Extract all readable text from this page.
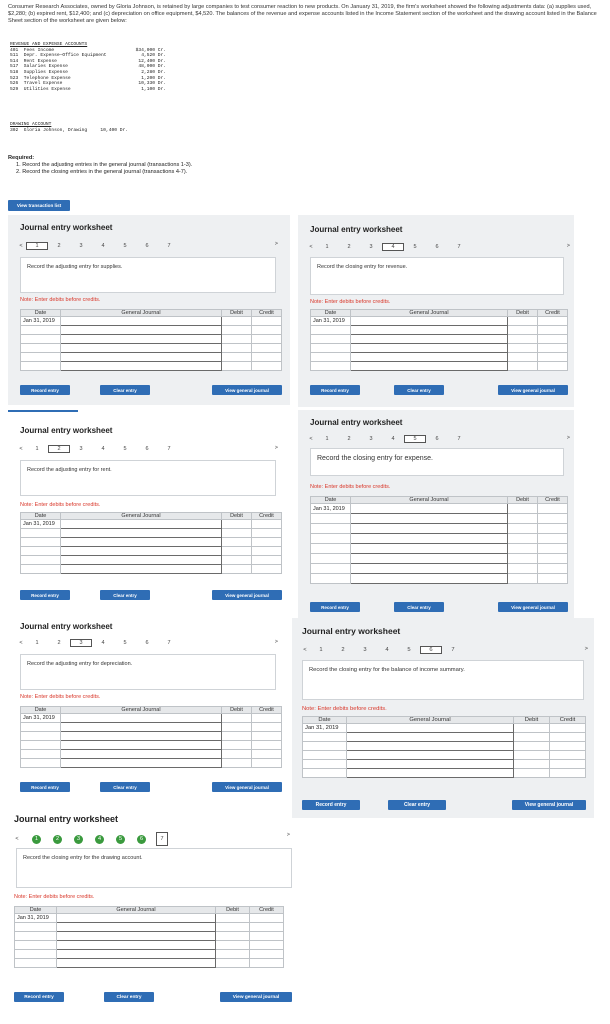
Consumer Research Associates, owned by Gloria Johnson, is retained by large companies to test consumer reaction to new products. On January 31, 2019, the firm's worksheet showed the following adjustments data: (a) supplies used, $2,280; (b) expired rent, $12,400; and (c) depreciation on office equipment, $4,520. The balances of the revenue and expense accounts listed in the Income Statement section of the worksheet and the drawing account listed in the Balance Sheet section of the worksheet are given below:
REVENUE AND EXPENSE ACCOUNTS
401  Fees Income	$34,000 Cr.
511  Depr. Expense—Office Equipment	4,520 Dr.
514  Rent Expense	12,400 Dr.
517  Salaries Expense	48,000 Dr.
518  Supplies Expense	2,280 Dr.
523  Telephone Expense	1,200 Dr.
526  Travel Expense	10,330 Dr.
529  Utilities Expense	1,100 Dr.
DRAWING ACCOUNT
302  Gloria Johnson, Drawing	10,400 Dr.
Required:
1. Record the adjusting entries in the general journal (transactions 1-3).
2. Record the closing entries in the general journal (transactions 4-7).
View transaction list
Journal entry worksheet
<	1	2	3	4	5	6	7	>
Record the adjusting entry for supplies.
Note: Enter debits before credits.
Date	General Journal	Debit	Credit
Jan 31, 2019			

Record entry	Clear entry	View general journal
Journal entry worksheet
<	1	2	3	4	5	6	7	>
Record the adjusting entry for rent.
Note: Enter debits before credits.
Date	General Journal	Debit	Credit
Jan 31, 2019			

Record entry	Clear entry	View general journal
Journal entry worksheet
<	1	2	3	4	5	6	7	>
Record the adjusting entry for depreciation.
Note: Enter debits before credits.
Date	General Journal	Debit	Credit
Jan 31, 2019			

Record entry	Clear entry	View general journal
Journal entry worksheet
<	1	2	3	4	5	6	7
>
Record the closing entry for the drawing account.
Note: Enter debits before credits.
Date	General Journal	Debit	Credit
Jan 31, 2019			

Record entry	Clear entry	View general journal
Journal entry worksheet
<	1	2	3	4	5	6	7	>
Record the closing entry for revenue.
Note: Enter debits before credits.
Date	General Journal	Debit	Credit
Jan 31, 2019			

Record entry	Clear entry	View general journal
Journal entry worksheet
<	1	2	3	4	5	6	7	>
Record the closing entry for expense.
Note: Enter debits before credits.
Date	General Journal	Debit	Credit
Jan 31, 2019			

Record entry	Clear entry	View general journal
Journal entry worksheet
<	1	2	3	4	5	6	7	>
Record the closing entry for the balance of income summary.
Note: Enter debits before credits.
Date	General Journal	Debit	Credit
Jan 31, 2019			

Record entry	Clear entry	View general journal
